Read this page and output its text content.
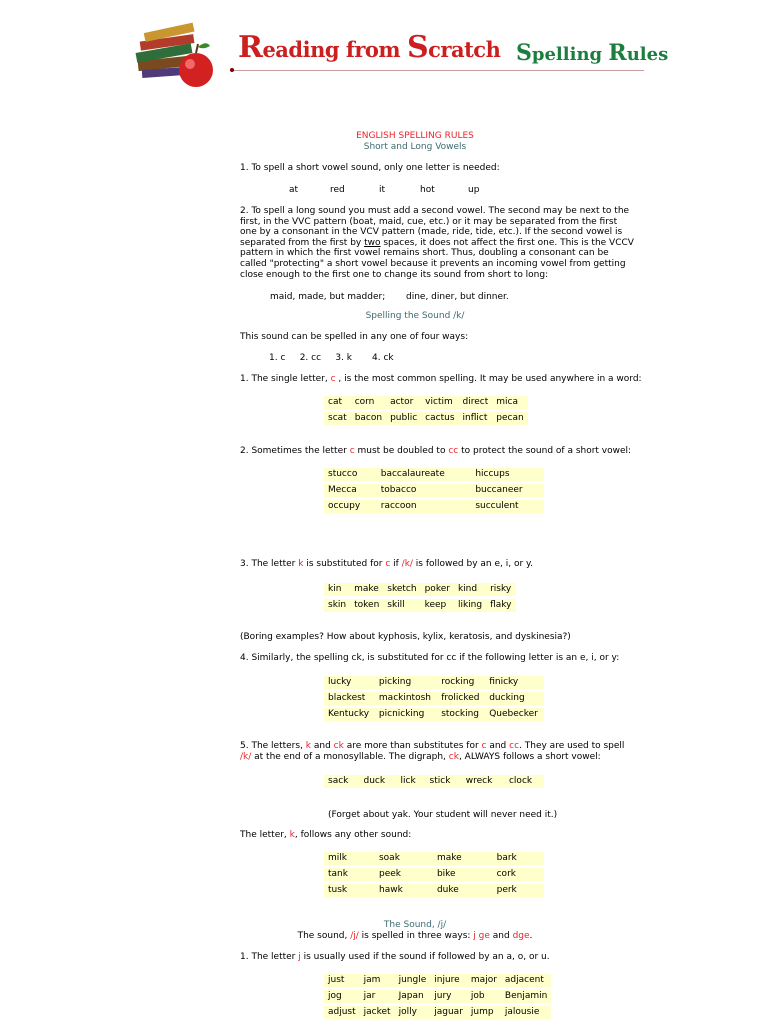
Reading from Scratch Spelling Rules
ENGLISH SPELLING RULES
Short and Long Vowels

1. To spell a short vowel sound, only one letter is needed:

at	red	it	hot	up

2. To spell a long sound you must add a second vowel. The second may be next to the first, in the VVC pattern (boat, maid, cue, etc.) or it may be separated from the first one by a consonant in the VCV pattern (made, ride, tide, etc.). If the second vowel is separated from the first by two spaces, it does not affect the first one. This is the VCCV pattern in which the first vowel remains short. Thus, doubling a consonant can be called "protecting" a short vowel because it prevents an incoming vowel from getting close enough to the first one to change its sound from short to long:

maid, made, but madder; dine, diner, but dinner.
Spelling the Sound /k/

This sound can be spelled in any one of four ways:

1. c     2. cc     3. k       4. ck

1. The single letter, c , is the most common spelling. It may be used anywhere in a word:

cat	corn	actor	victim	direct	mica
scat	bacon	public	cactus	inflict	pecan

2. Sometimes the letter c must be doubled to cc to protect the sound of a short vowel:

stucco	baccalaureate	hiccups
Mecca	tobacco	buccaneer
occupy	raccoon	succulent

3. The letter k is substituted for c if /k/ is followed by an e, i, or y.

kin	make	sketch	poker	kind	risky
skin	token	skill	keep	liking	flaky

(Boring examples? How about kyphosis, kylix, keratosis, and dyskinesia?)

4. Similarly, the spelling ck, is substituted for cc if the following letter is an e, i, or y:

lucky	picking	rocking	finicky
blackest	mackintosh	frolicked	ducking
Kentucky	picnicking	stocking	Quebecker

5. The letters, k and ck are more than substitutes for c and cc. They are used to spell /k/ at the end of a monosyllable. The digraph, ck, ALWAYS follows a short vowel:

sack	duck	lick	stick	wreck	clock

(Forget about yak. Your student will never need it.)

The letter, k, follows any other sound:

milk	soak	make	bark
tank	peek	bike	cork
tusk	hawk	duke	perk
The Sound, /j/
The sound, /j/ is spelled in three ways: j ge and dge.

1. The letter j is usually used if the sound if followed by an a, o, or u.

just	jam	jungle	injure	major	adjacent
jog	jar	Japan	jury	job	Benjamin
adjust	jacket	jolly	jaguar	jump	jalousie
